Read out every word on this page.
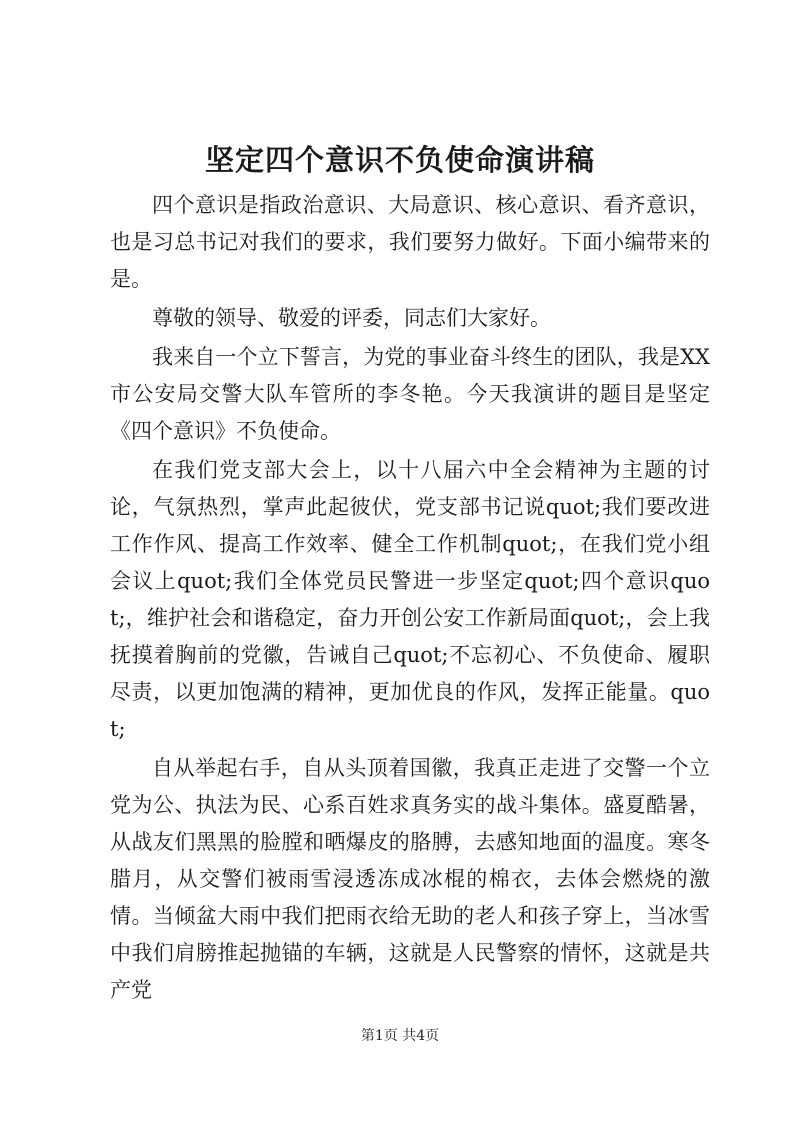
坚定四个意识不负使命演讲稿

四个意识是指政治意识、大局意识、核心意识、看齐意识，也是习总书记对我们的要求，我们要努力做好。下面小编带来的是。

尊敬的领导、敬爱的评委，同志们大家好。

我来自一个立下誓言，为党的事业奋斗终生的团队，我是XX市公安局交警大队车管所的李冬艳。今天我演讲的题目是坚定《四个意识》不负使命。

在我们党支部大会上，以十八届六中全会精神为主题的讨论，气氛热烈，掌声此起彼伏，党支部书记说quot;我们要改进工作作风、提高工作效率、健全工作机制quot;，在我们党小组会议上quot;我们全体党员民警进一步坚定quot;四个意识quot;，维护社会和谐稳定，奋力开创公安工作新局面quot;，会上我抚摸着胸前的党徽，告诫自己quot;不忘初心、不负使命、履职尽责，以更加饱满的精神，更加优良的作风，发挥正能量。quot;

自从举起右手，自从头顶着国徽，我真正走进了交警一个立党为公、执法为民、心系百姓求真务实的战斗集体。盛夏酷暑，从战友们黑黑的脸膛和晒爆皮的胳膊，去感知地面的温度。寒冬腊月，从交警们被雨雪浸透冻成冰棍的棉衣，去体会燃烧的激情。当倾盆大雨中我们把雨衣给无助的老人和孩子穿上，当冰雪中我们肩膀推起抛锚的车辆，这就是人民警察的情怀，这就是共产党

第1页 共4页
